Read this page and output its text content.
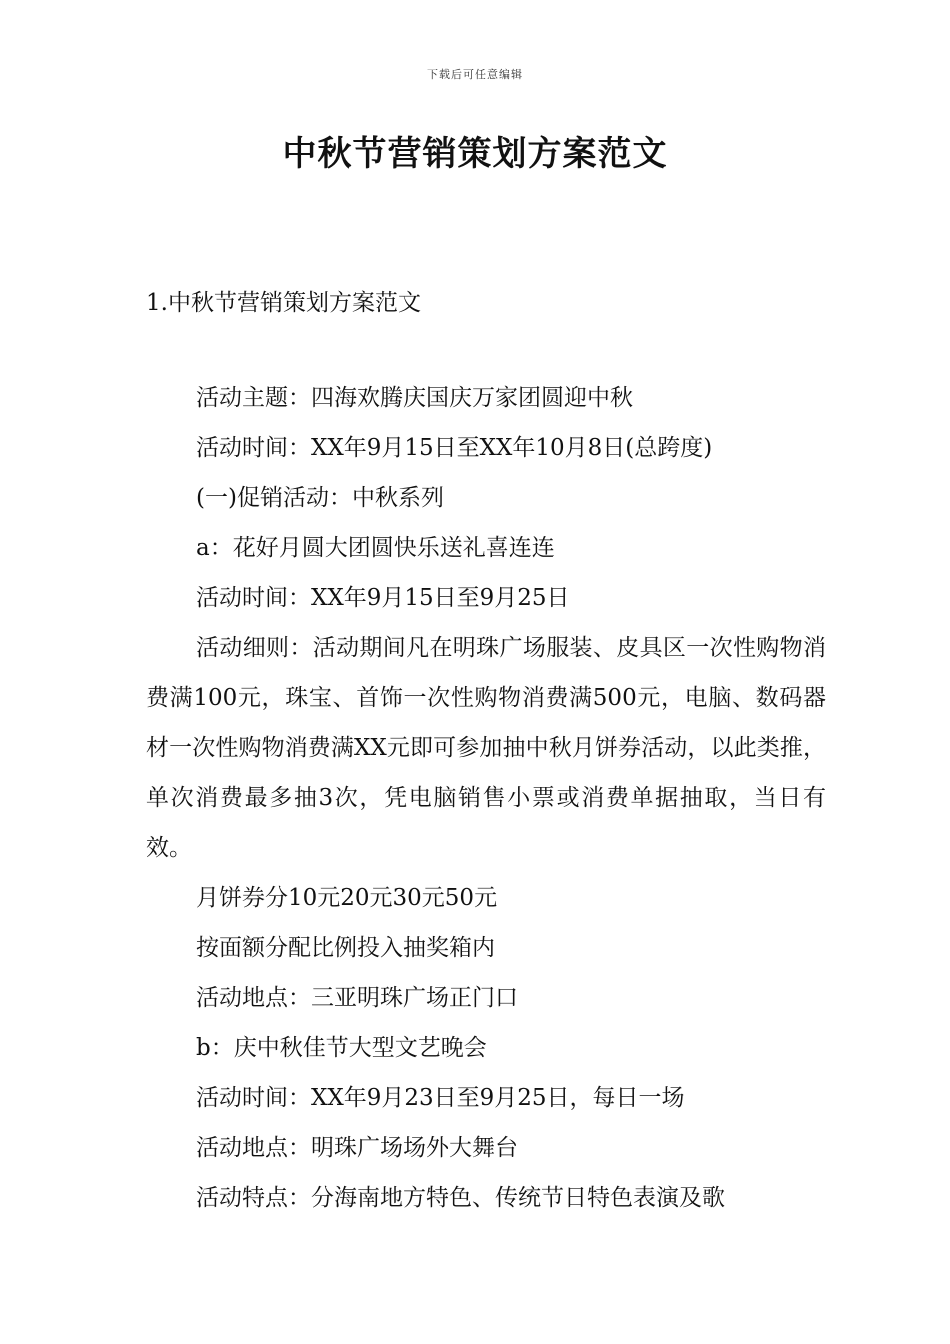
下载后可任意编辑
中秋节营销策划方案范文
1.中秋节营销策划方案范文

活动主题：四海欢腾庆国庆万家团圆迎中秋

活动时间：XX年9月15日至XX年10月8日(总跨度)

(一)促销活动：中秋系列

a：花好月圆大团圆快乐送礼喜连连

活动时间：XX年9月15日至9月25日

活动细则：活动期间凡在明珠广场服装、皮具区一次性购物消费满100元，珠宝、首饰一次性购物消费满500元，电脑、数码器材一次性购物消费满XX元即可参加抽中秋月饼券活动，以此类推，单次消费最多抽3次，凭电脑销售小票或消费单据抽取，当日有效。

月饼券分10元20元30元50元

按面额分配比例投入抽奖箱内

活动地点：三亚明珠广场正门口

b：庆中秋佳节大型文艺晚会

活动时间：XX年9月23日至9月25日，每日一场

活动地点：明珠广场场外大舞台

活动特点：分海南地方特色、传统节日特色表演及歌
